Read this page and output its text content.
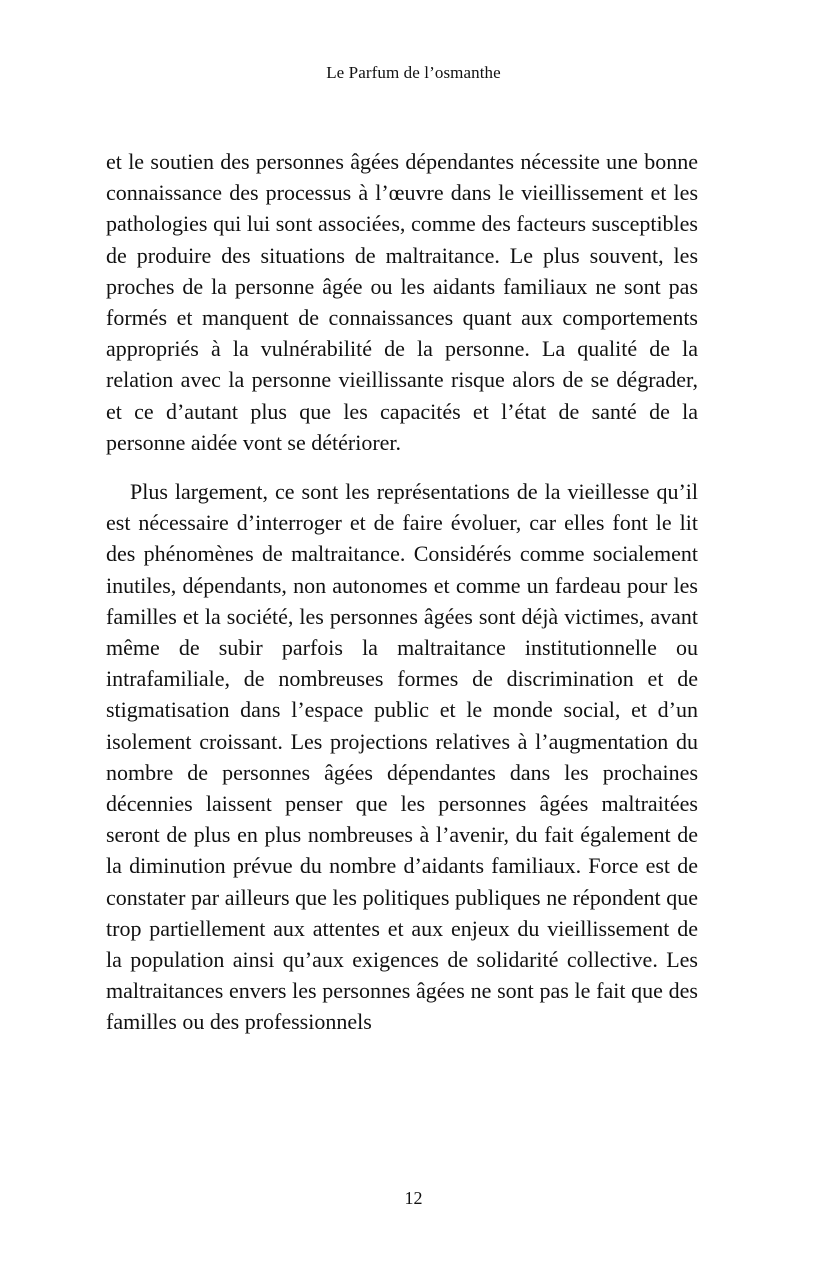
Le Parfum de l’osmanthe

et le soutien des personnes âgées dépendantes nécessite une bonne connaissance des processus à l’œuvre dans le vieillissement et les pathologies qui lui sont associées, comme des facteurs susceptibles de produire des situations de maltraitance. Le plus souvent, les proches de la personne âgée ou les aidants familiaux ne sont pas formés et manquent de connaissances quant aux comportements appropriés à la vulnérabilité de la personne. La qualité de la relation avec la personne vieillissante risque alors de se dégrader, et ce d’autant plus que les capacités et l’état de santé de la personne aidée vont se détériorer.

Plus largement, ce sont les représentations de la vieillesse qu’il est nécessaire d’interroger et de faire évoluer, car elles font le lit des phénomènes de maltraitance. Considérés comme socialement inutiles, dépendants, non autonomes et comme un fardeau pour les familles et la société, les personnes âgées sont déjà victimes, avant même de subir parfois la maltraitance institutionnelle ou intrafamiliale, de nombreuses formes de discrimination et de stigmatisation dans l’espace public et le monde social, et d’un isolement croissant. Les projections relatives à l’augmentation du nombre de personnes âgées dépendantes dans les prochaines décennies laissent penser que les personnes âgées maltraitées seront de plus en plus nombreuses à l’avenir, du fait également de la diminution prévue du nombre d’aidants familiaux. Force est de constater par ailleurs que les politiques publiques ne répondent que trop partiellement aux attentes et aux enjeux du vieillissement de la population ainsi qu’aux exigences de solidarité collective. Les maltraitances envers les personnes âgées ne sont pas le fait que des familles ou des professionnels

12
